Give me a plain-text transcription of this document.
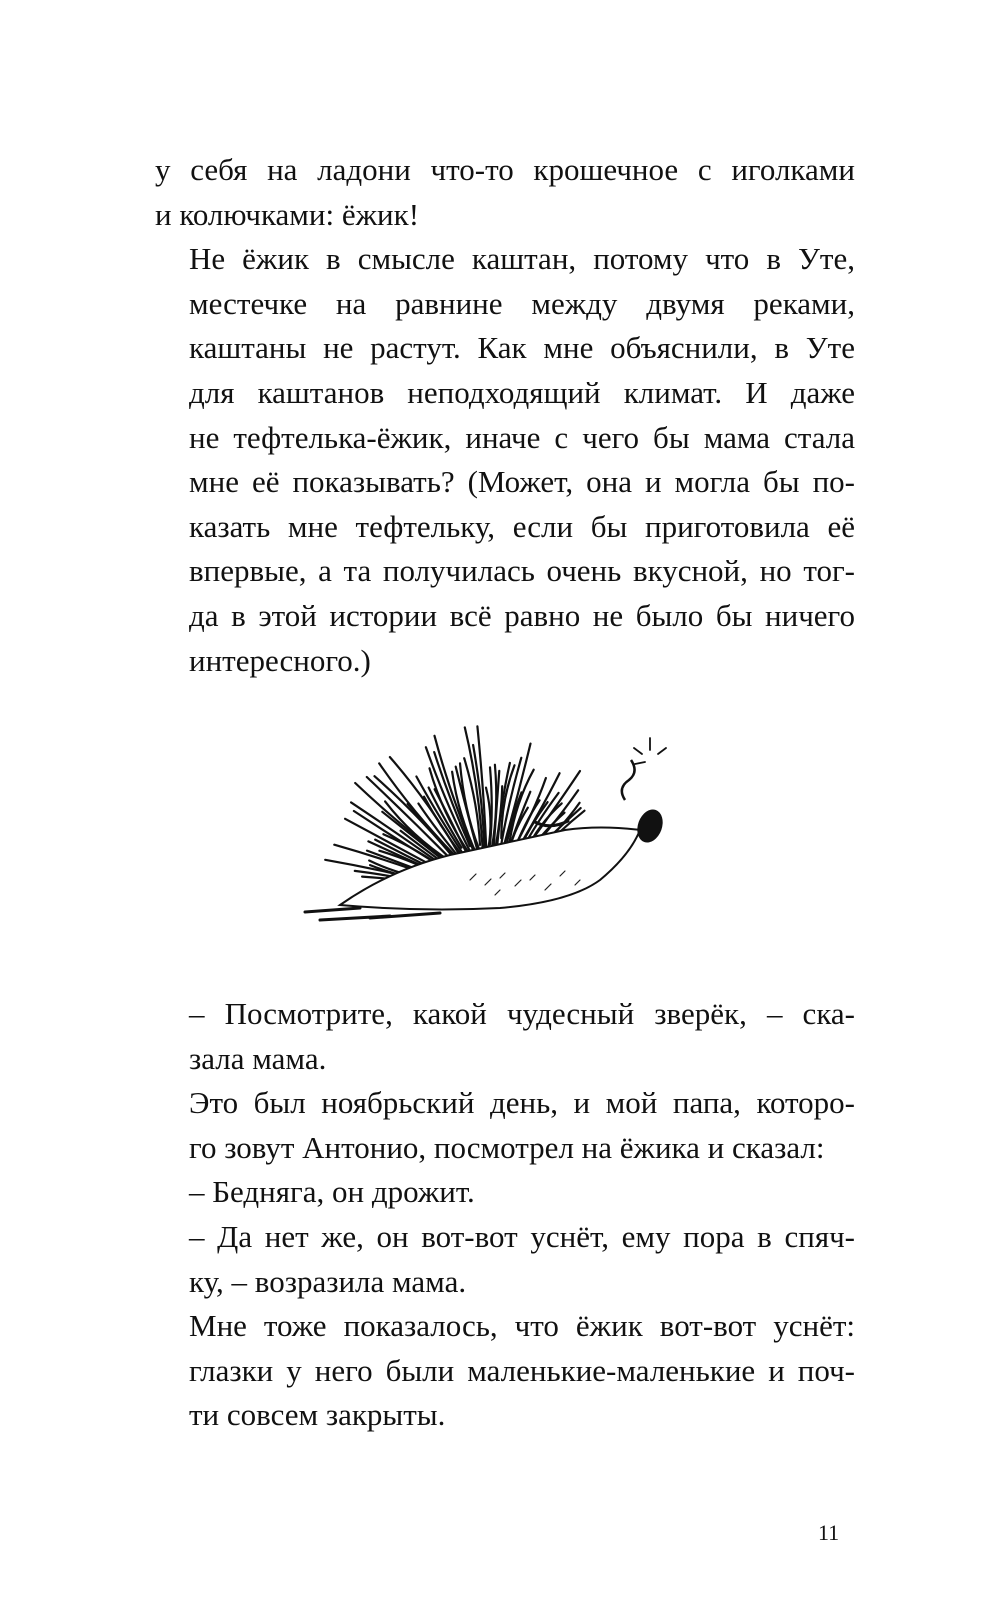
у себя на ладони что-то крошечное с иголками
и колючками: ёжик!

Не ёжик в смысле каштан, потому что в Уте,
местечке на равнине между двумя реками,
каштаны не растут. Как мне объяснили, в Уте
для каштанов неподходящий климат. И даже
не тефтелька-ёжик, иначе с чего бы мама стала
мне её показывать? (Может, она и могла бы по-
казать мне тефтельку, если бы приготовила её
впервые, а та получилась очень вкусной, но тог-
да в этой истории всё равно не было бы ничего
интересного.)

– Посмотрите, какой чудесный зверёк, – ска-
зала мама.

Это был ноябрьский день, и мой папа, которо-
го зовут Антонио, посмотрел на ёжика и сказал:

– Бедняга, он дрожит.

– Да нет же, он вот-вот уснёт, ему пора в спяч-
ку, – возразила мама.

Мне тоже показалось, что ёжик вот-вот уснёт:
глазки у него были маленькие-маленькие и поч-
ти совсем закрыты.

11
